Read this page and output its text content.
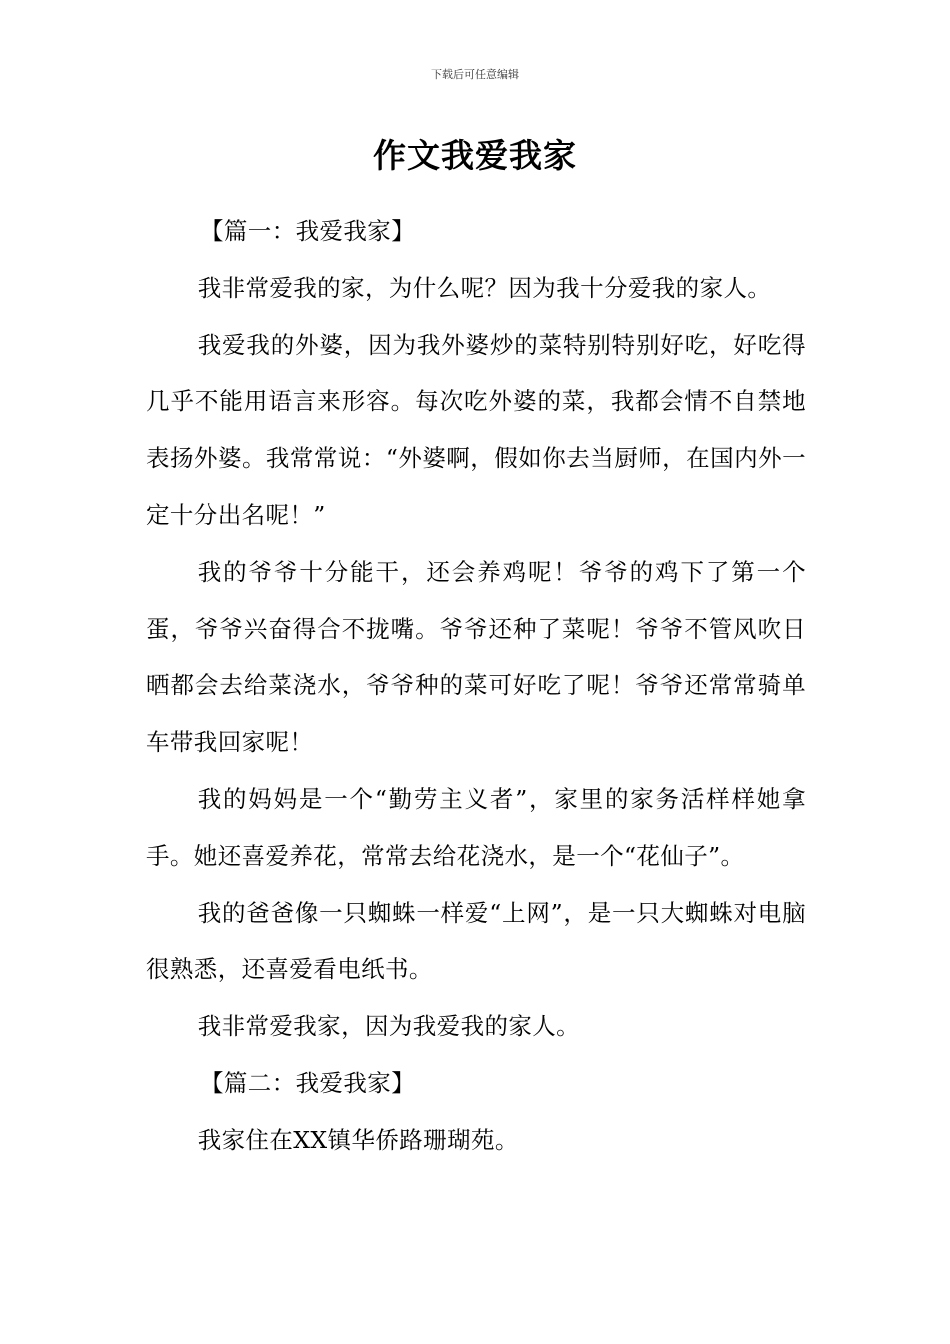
下载后可任意编辑
作文我爱我家

【篇一：我爱我家】

我非常爱我的家，为什么呢？因为我十分爱我的家人。

我爱我的外婆，因为我外婆炒的菜特别特别好吃，好吃得几乎不能用语言来形容。每次吃外婆的菜，我都会情不自禁地表扬外婆。我常常说：“外婆啊，假如你去当厨师，在国内外一定十分出名呢！”

我的爷爷十分能干，还会养鸡呢！爷爷的鸡下了第一个蛋，爷爷兴奋得合不拢嘴。爷爷还种了菜呢！爷爷不管风吹日晒都会去给菜浇水，爷爷种的菜可好吃了呢！爷爷还常常骑单车带我回家呢！

我的妈妈是一个“勤劳主义者”，家里的家务活样样她拿手。她还喜爱养花，常常去给花浇水，是一个“花仙子”。

我的爸爸像一只蜘蛛一样爱“上网”，是一只大蜘蛛对电脑很熟悉，还喜爱看电纸书。

我非常爱我家，因为我爱我的家人。

【篇二：我爱我家】

我家住在XX镇华侨路珊瑚苑。
